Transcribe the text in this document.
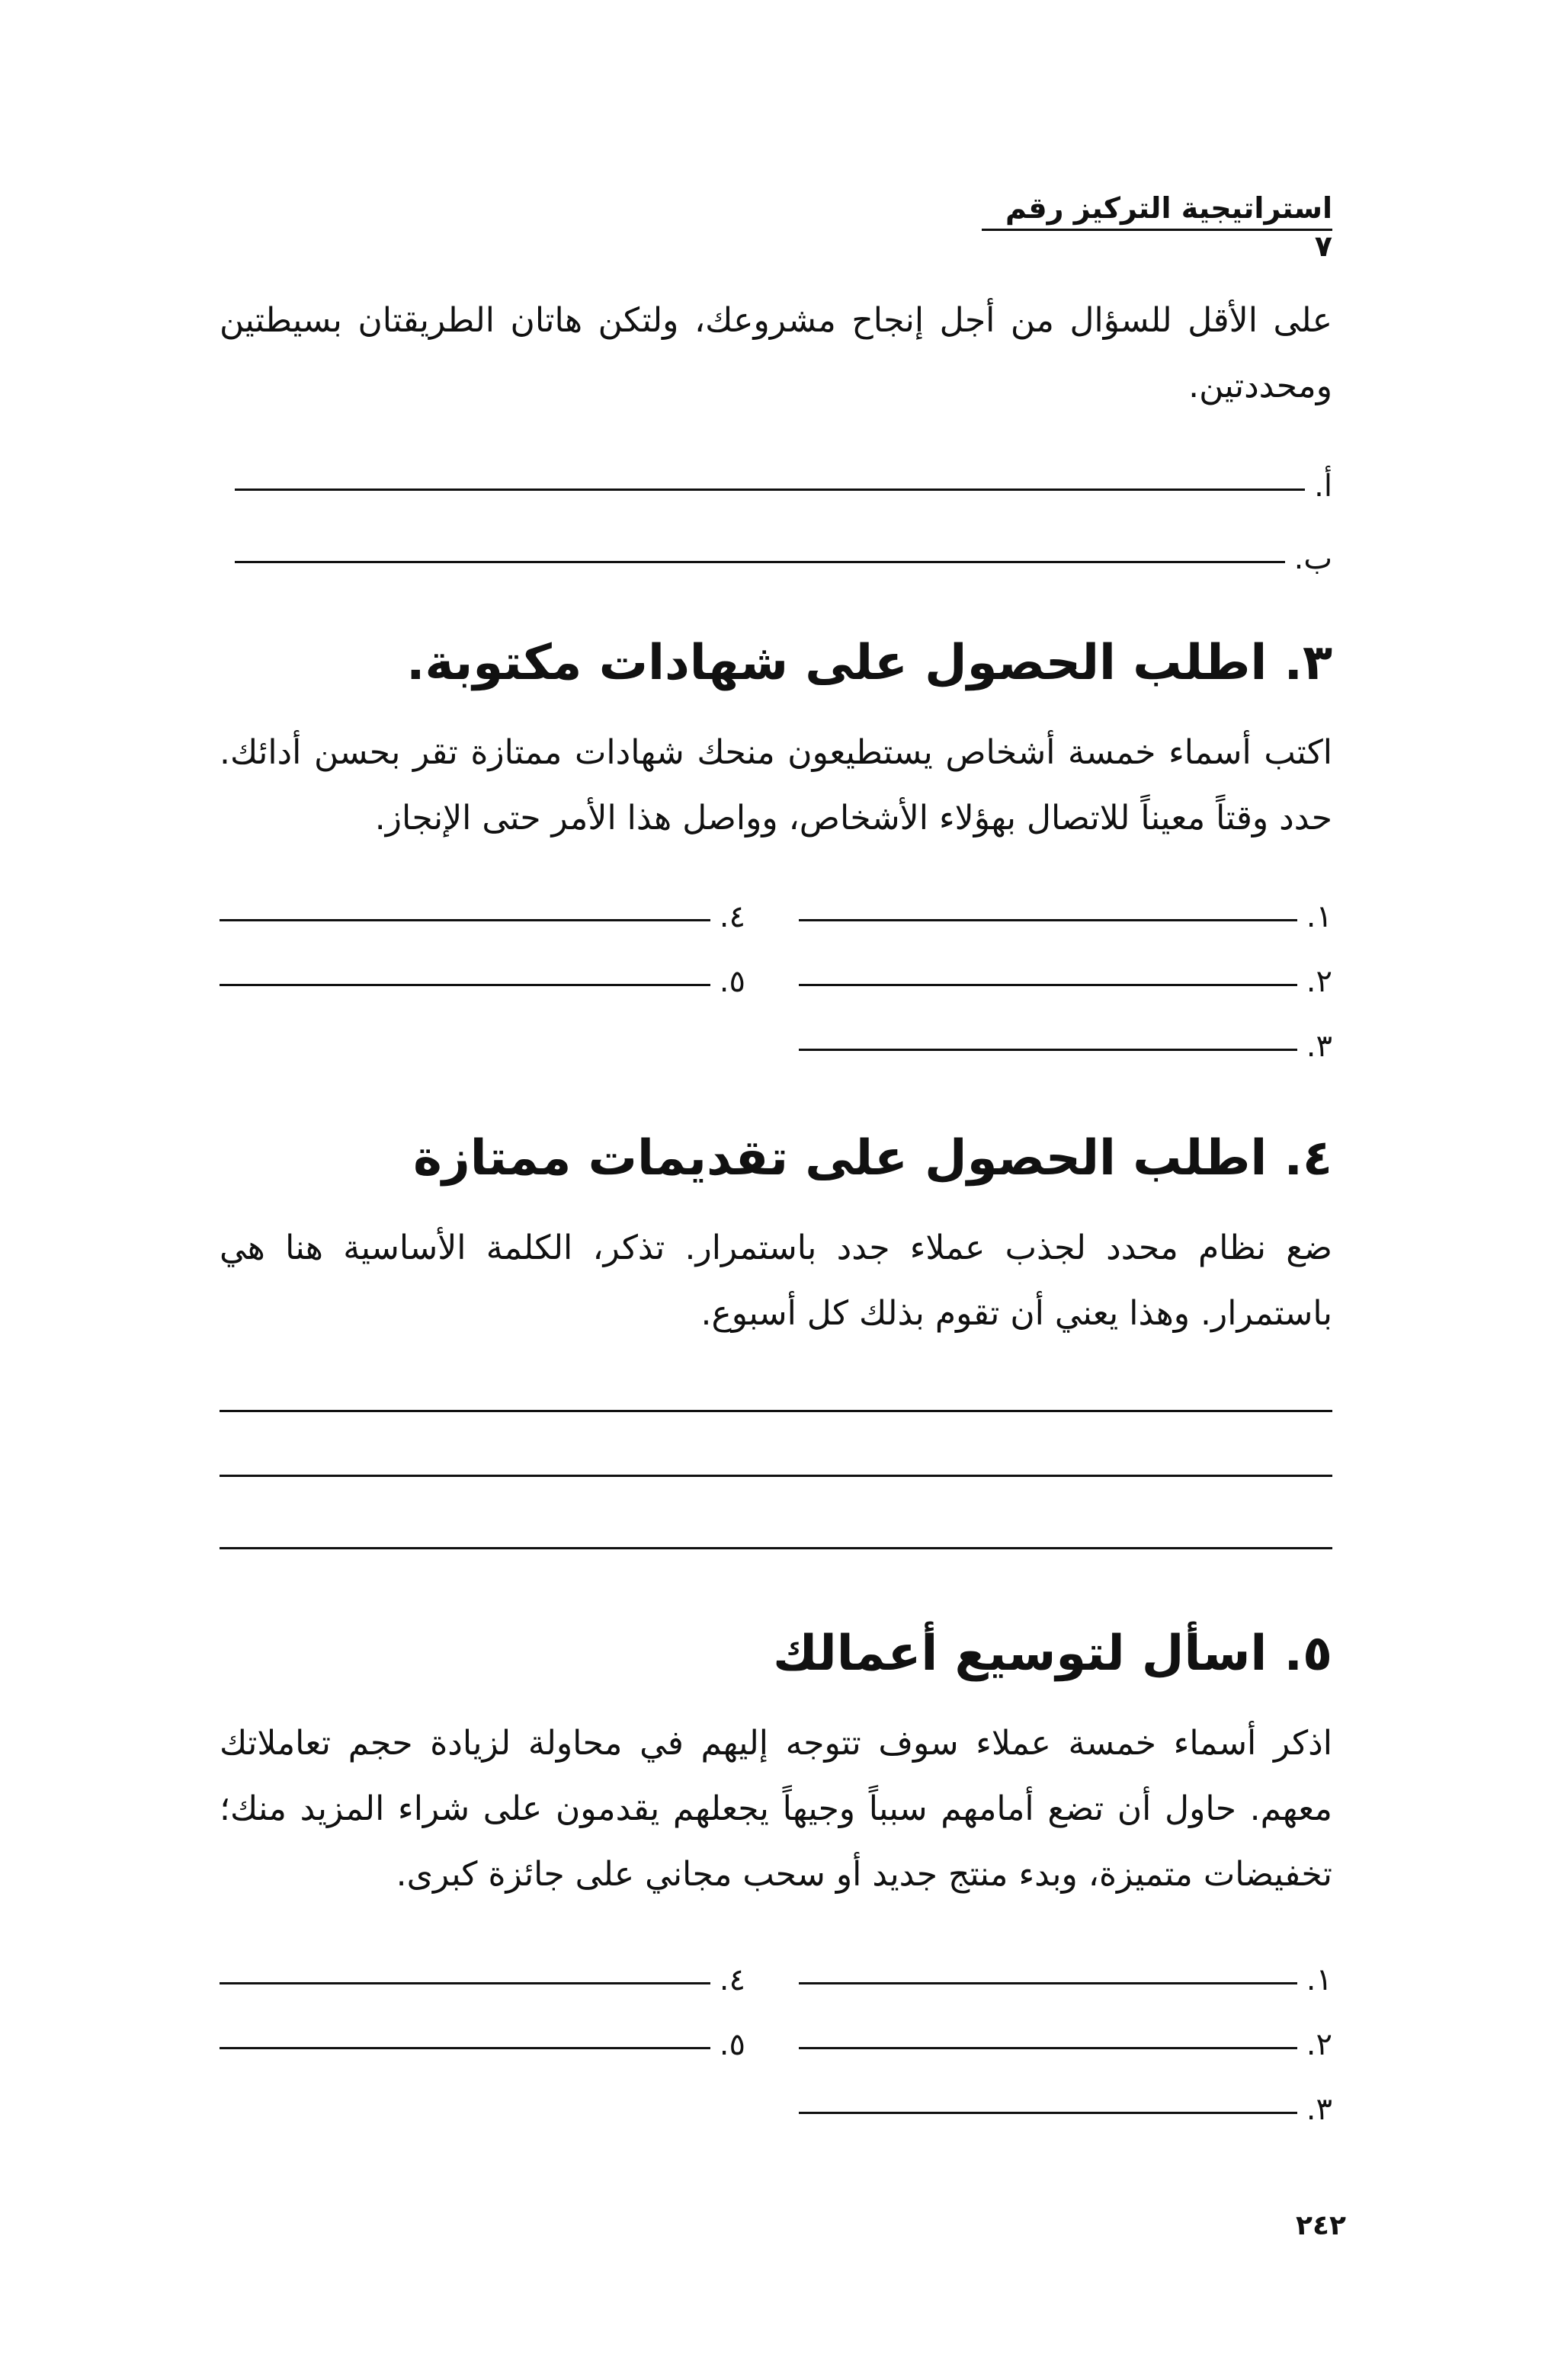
استراتيجية التركيز رقم ٧
على الأقل للسؤال من أجل إنجاح مشروعك، ولتكن هاتان الطريقتان بسيطتين ومحددتين.
أ.
ب.
٣. اطلب الحصول على شهادات مكتوبة.
اكتب أسماء خمسة أشخاص يستطيعون منحك شهادات ممتازة تقر بحسن أدائك. حدد وقتاً معيناً للاتصال بهؤلاء الأشخاص، وواصل هذا الأمر حتى الإنجاز.
١.
٢.
٣.
٤.
٥.
٤. اطلب الحصول على تقديمات ممتازة
ضع نظام محدد لجذب عملاء جدد باستمرار. تذكر، الكلمة الأساسية هنا هي باستمرار. وهذا يعني أن تقوم بذلك كل أسبوع.
٥. اسأل لتوسيع أعمالك
اذكر أسماء خمسة عملاء سوف تتوجه إليهم في محاولة لزيادة حجم تعاملاتك معهم. حاول أن تضع أمامهم سبباً وجيهاً يجعلهم يقدمون على شراء المزيد منك؛ تخفيضات متميزة، وبدء منتج جديد أو سحب مجاني على جائزة كبرى.
١.
٢.
٣.
٤.
٥.
٢٤٢
